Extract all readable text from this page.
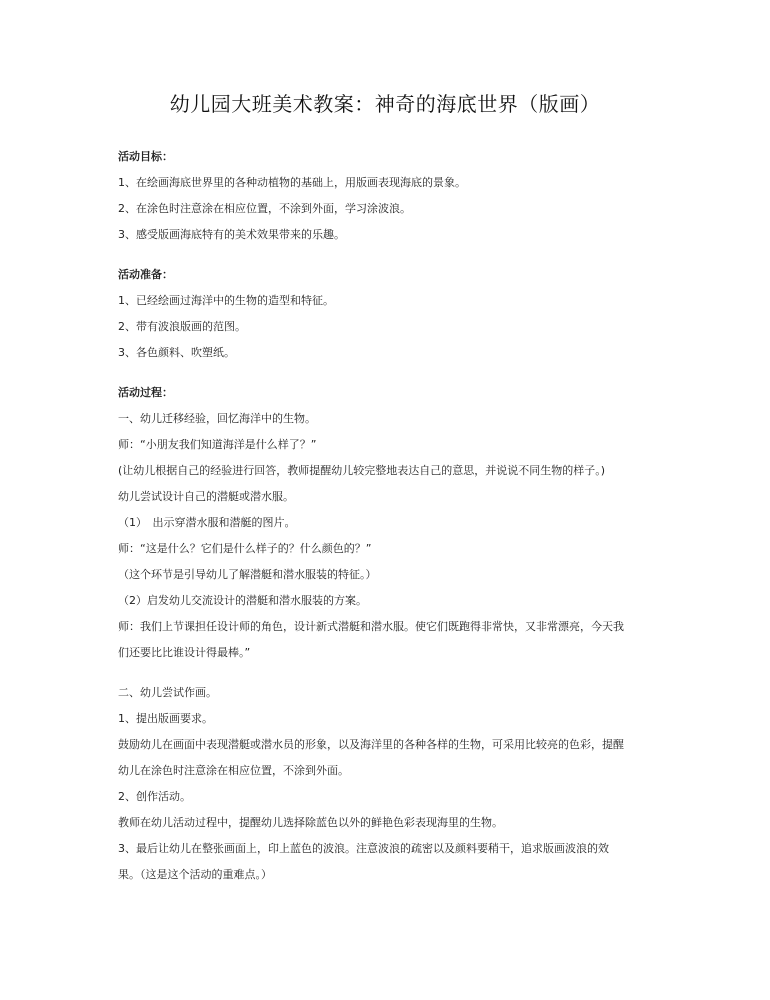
幼儿园大班美术教案：神奇的海底世界（版画）
活动目标：
1、在绘画海底世界里的各种动植物的基础上，用版画表现海底的景象。
2、在涂色时注意涂在相应位置，不涂到外面，学习涂波浪。
3、感受版画海底特有的美术效果带来的乐趣。
活动准备：
1、已经绘画过海洋中的生物的造型和特征。
2、带有波浪版画的范图。
3、各色颜料、吹塑纸。
活动过程：
一、幼儿迁移经验，回忆海洋中的生物。
师：“小朋友我们知道海洋是什么样了？”
(让幼儿根据自己的经验进行回答，教师提醒幼儿较完整地表达自己的意思，并说说不同生物的样子。)
幼儿尝试设计自己的潜艇或潜水服。
（1）　出示穿潜水服和潜艇的图片。
师：“这是什么？它们是什么样子的？什么颜色的？”
（这个环节是引导幼儿了解潜艇和潜水服装的特征。）
（2）启发幼儿交流设计的潜艇和潜水服装的方案。
师：我们上节课担任设计师的角色，设计新式潜艇和潜水服。使它们既跑得非常快，又非常漂亮，今天我
们还要比比谁设计得最棒。”
二、幼儿尝试作画。
1、提出版画要求。
鼓励幼儿在画面中表现潜艇或潜水员的形象，以及海洋里的各种各样的生物，可采用比较亮的色彩，提醒
幼儿在涂色时注意涂在相应位置，不涂到外面。
2、创作活动。
教师在幼儿活动过程中，提醒幼儿选择除蓝色以外的鲜艳色彩表现海里的生物。
3、最后让幼儿在整张画面上，印上蓝色的波浪。注意波浪的疏密以及颜料要稍干，追求版画波浪的效
果。（这是这个活动的重难点。）
